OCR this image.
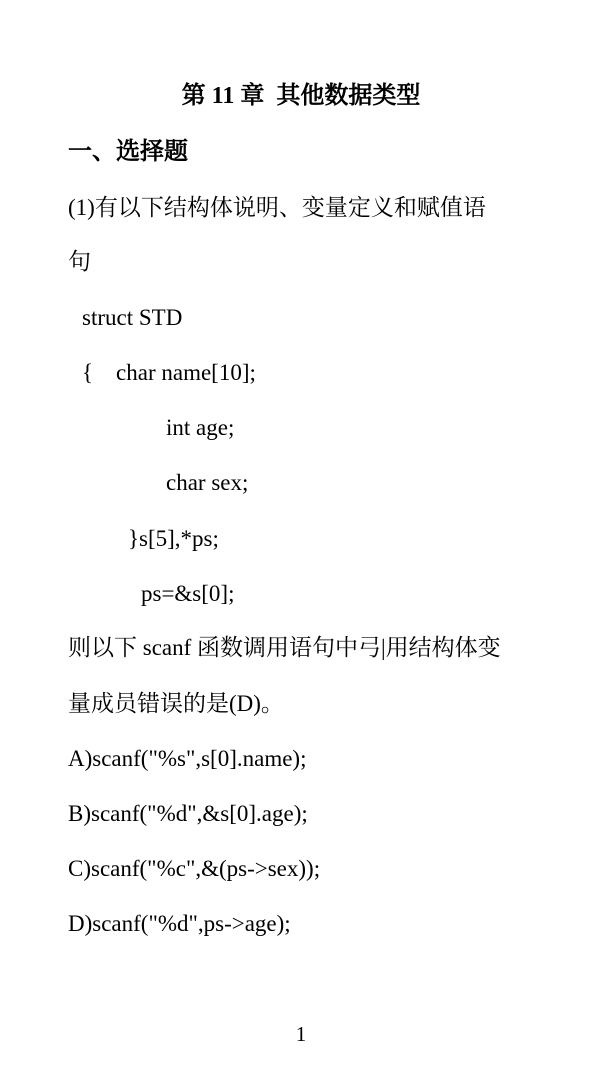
第 11 章  其他数据类型
一、选择题
(1)有以下结构体说明、变量定义和赋值语
句
struct STD
{    char name[10];
int age;
char sex;
}s[5],*ps;
ps=&s[0];
则以下 scanf 函数调用语句中弓|用结构体变
量成员错误的是(D)。
A)scanf("%s",s[0].name);
B)scanf("%d",&s[0].age);
C)scanf("%c",&(ps->sex));
D)scanf("%d",ps->age);
1
